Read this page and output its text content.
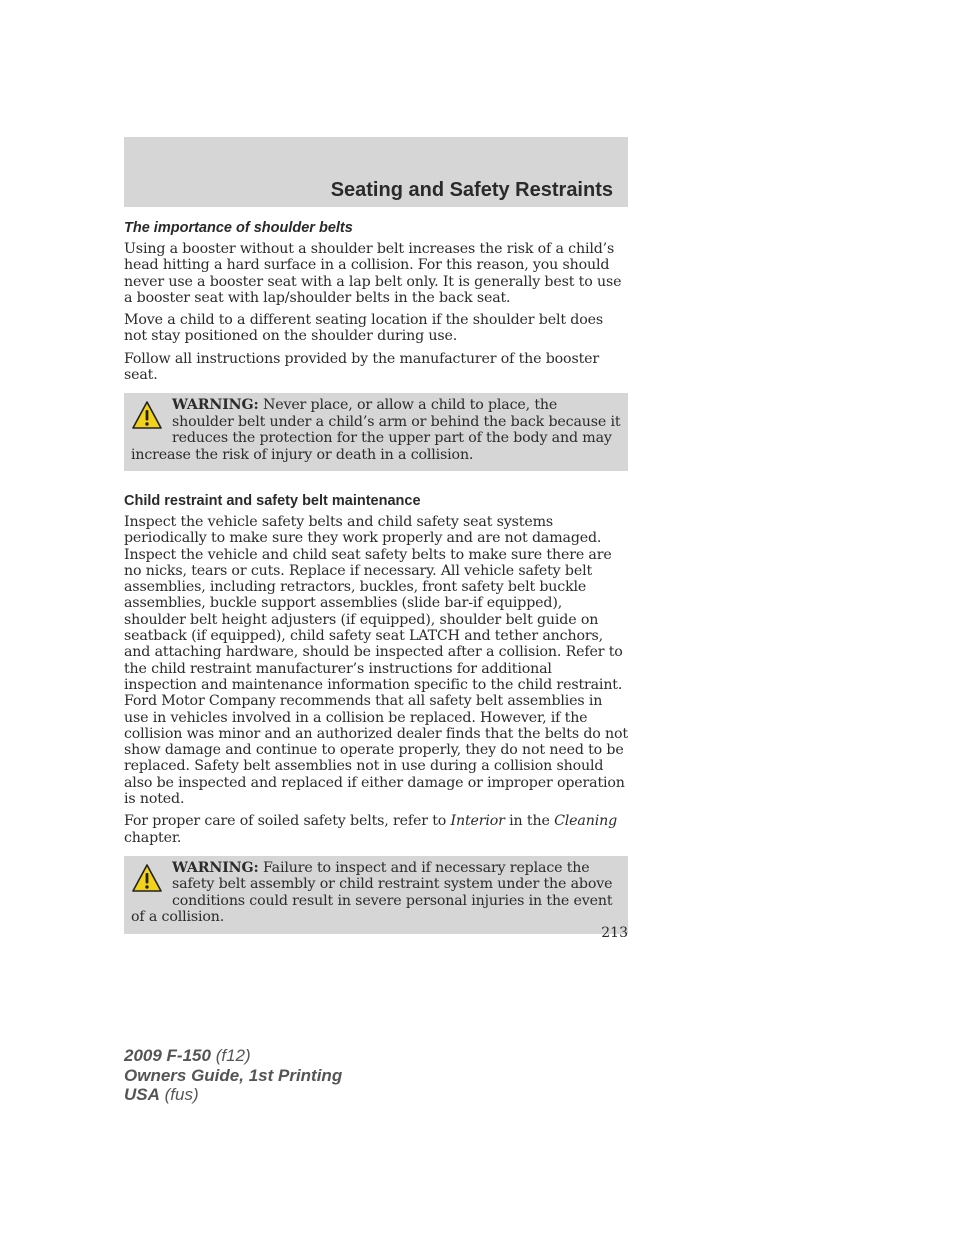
Seating and Safety Restraints
The importance of shoulder belts

Using a booster without a shoulder belt increases the risk of a child’s head hitting a hard surface in a collision. For this reason, you should never use a booster seat with a lap belt only. It is generally best to use a booster seat with lap/shoulder belts in the back seat.

Move a child to a different seating location if the shoulder belt does not stay positioned on the shoulder during use.

Follow all instructions provided by the manufacturer of the booster seat.

WARNING: Never place, or allow a child to place, the shoulder belt under a child’s arm or behind the back because it reduces the protection for the upper part of the body and may increase the risk of injury or death in a collision.

Child restraint and safety belt maintenance

Inspect the vehicle safety belts and child safety seat systems periodically to make sure they work properly and are not damaged. Inspect the vehicle and child seat safety belts to make sure there are no nicks, tears or cuts. Replace if necessary. All vehicle safety belt assemblies, including retractors, buckles, front safety belt buckle assemblies, buckle support assemblies (slide bar-if equipped), shoulder belt height adjusters (if equipped), shoulder belt guide on seatback (if equipped), child safety seat LATCH and tether anchors, and attaching hardware, should be inspected after a collision. Refer to the child restraint manufacturer’s instructions for additional inspection and maintenance information specific to the child restraint. Ford Motor Company recommends that all safety belt assemblies in use in vehicles involved in a collision be replaced. However, if the collision was minor and an authorized dealer finds that the belts do not show damage and continue to operate properly, they do not need to be replaced. Safety belt assemblies not in use during a collision should also be inspected and replaced if either damage or improper operation is noted.

For proper care of soiled safety belts, refer to Interior in the Cleaning chapter.

WARNING: Failure to inspect and if necessary replace the safety belt assembly or child restraint system under the above conditions could result in severe personal injuries in the event of a collision.

213
2009 F-150 (f12)
Owners Guide, 1st Printing
USA (fus)
